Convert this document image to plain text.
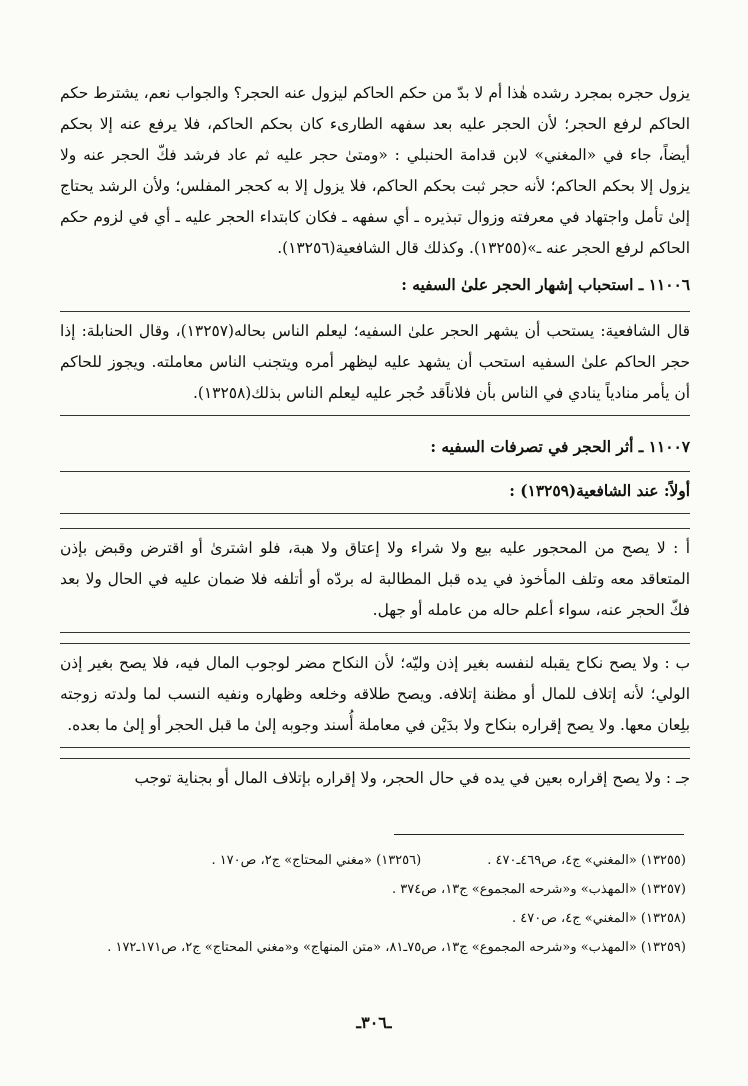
يزول حجره بمجرد رشده هٰذا أم لا بدّ من حكم الحاكم ليزول عنه الحجر؟ والجواب نعم، يشترط حكم الحاكم لرفع الحجر؛ لأن الحجر عليه بعد سفهه الطارىء كان بحكم الحاكم، فلا يرفع عنه إلا بحكم أيضاً، جاء في «المغني» لابن قدامة الحنبلي : «ومتىٰ حجر عليه ثم عاد فرشد فكّ الحجر عنه ولا يزول إلا بحكم الحاكم؛ لأنه حجر ثبت بحكم الحاكم، فلا يزول إلا به كحجر المفلس؛ ولأن الرشد يحتاج إلىٰ تأمل واجتهاد في معرفته وزوال تبذيره ـ أي سفهه ـ فكان كابتداء الحجر عليه ـ أي في لزوم حكم الحاكم لرفع الحجر عنه ـ»(١٣٢٥٥). وكذلك قال الشافعية(١٣٢٥٦).

١١٠٠٦ ـ استحباب إشهار الحجر علىٰ السفيه :

قال الشافعية: يستحب أن يشهر الحجر علىٰ السفيه؛ ليعلم الناس بحاله(١٣٢٥٧)، وقال الحنابلة: إذا حجر الحاكم علىٰ السفيه استحب أن يشهد عليه ليظهر أمره ويتجنب الناس معاملته. ويجوز للحاكم أن يأمر منادياً ينادي في الناس بأن فلاناًقد حُجر عليه ليعلم الناس بذلك(١٣٢٥٨).

١١٠٠٧ ـ أثر الحجر في تصرفات السفيه :

أولاً: عند الشافعية(١٣٢٥٩) :

أ : لا يصح من المحجور عليه بيع ولا شراء ولا إعتاق ولا هبة، فلو اشترىٰ أو اقترض وقبض بإذن المتعاقد معه وتلف المأخوذ في يده قبل المطالبة له بردّه أو أتلفه فلا ضمان عليه في الحال ولا بعد فكّ الحجر عنه، سواء أعلم حاله من عامله أو جهل.

ب : ولا يصح نكاح يقبله لنفسه بغير إذن وليّه؛ لأن النكاح مضر لوجوب المال فيه، فلا يصح بغير إذن الولي؛ لأنه إتلاف للمال أو مظنة إتلافه. ويصح طلاقه وخلعه وظهاره ونفيه النسب لما ولدته زوجته بلِعان معها. ولا يصح إقراره بنكاح ولا بدَيْن في معاملة أُسند وجوبه إلىٰ ما قبل الحجر أو إلىٰ ما بعده.

جـ : ولا يصح إقراره بعين في يده في حال الحجر، ولا إقراره بإتلاف المال أو بجناية توجب

(١٣٢٥٥) «المغني» ج٤، ص٤٦٩ـ٤٧٠ .
(١٣٢٥٦) «مغني المحتاج» ج٢، ص١٧٠ .

(١٣٢٥٧) «المهذب» و«شرحه المجموع» ج١٣، ص٣٧٤ .

(١٣٢٥٨) «المغني» ج٤، ص٤٧٠ .

(١٣٢٥٩) «المهذب» و«شرحه المجموع» ج١٣، ص٧٥ـ٨١، «متن المنهاج» و«مغني المحتاج» ج٢، ص١٧١ـ١٧٢ .

ـ٣٠٦ـ
